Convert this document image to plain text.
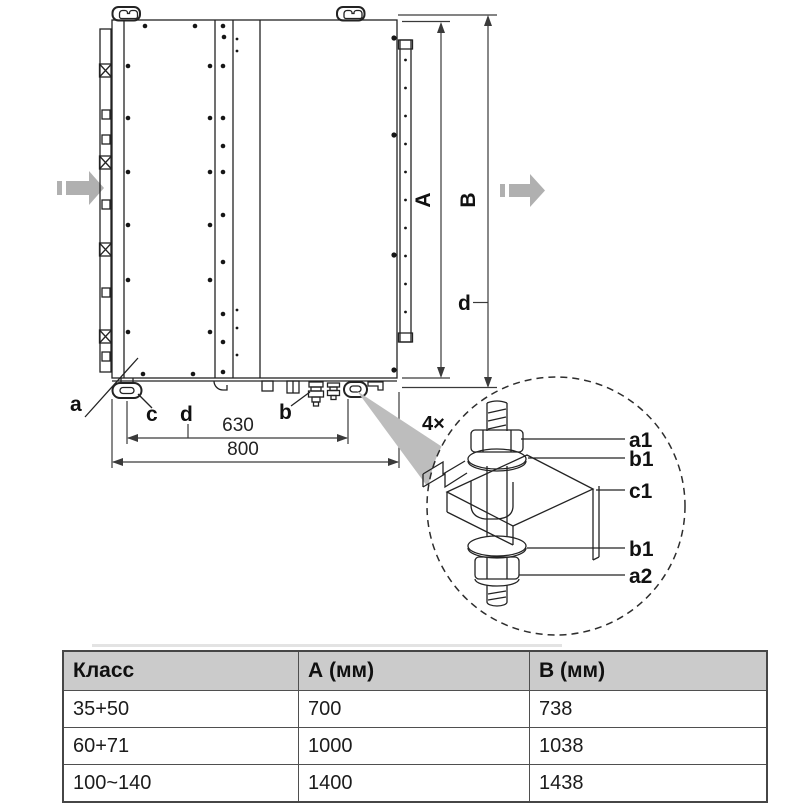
A B
d
630
800
a	c d	b	4×
a1
b1
c1
b1
a2
Класс	А (мм)	В (мм)
35+50	700	738
60+71	1000	1038
100~140	1400	1438
